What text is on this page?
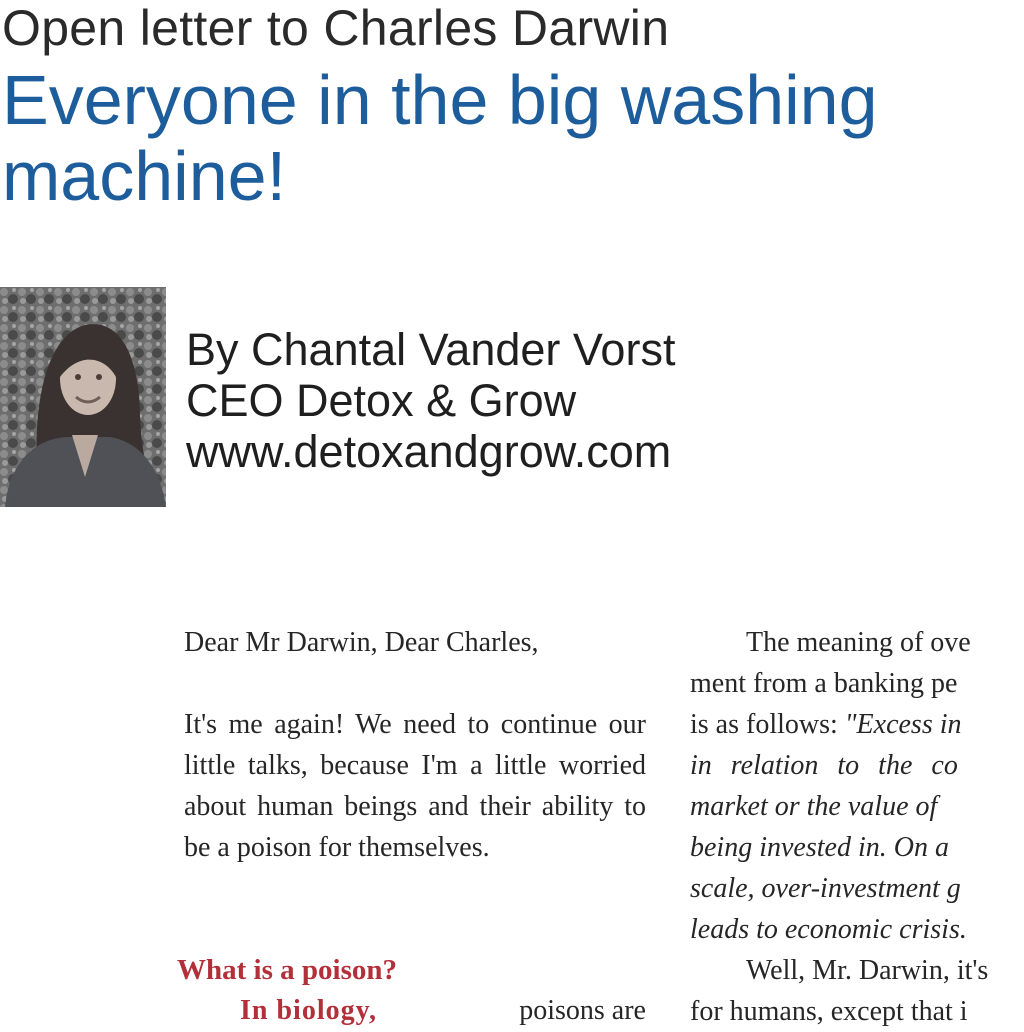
Open letter to Charles Darwin
Everyone in the big washing machine!
By Chantal Vander Vorst
CEO Detox & Grow
www.detoxandgrow.com

Dear Mr Darwin, Dear Charles,

It's me again! We need to continue our little talks, because I'm a little worried about human beings and their ability to be a poison for themselves.

What is a poison?
In biology,	poisons are
The meaning of ove
ment from a banking pe
is as follows: "Excess in
in relation to the co
market or the value of
being invested in. On a
scale, over-investment g
leads to economic crisis.
Well, Mr. Darwin, it's
for humans, except that i
